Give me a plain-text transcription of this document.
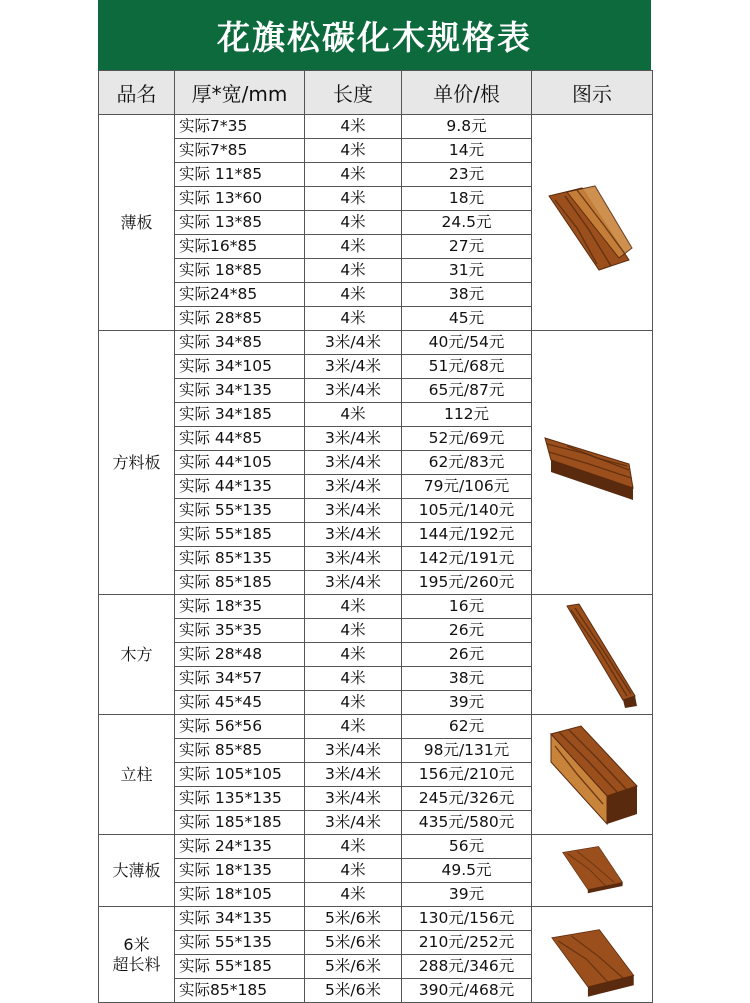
花旗松碳化木规格表
品名	厚*宽/mm	长度	单价/根	图示
薄板	实际7*35	4米	9.8元	

	实际7*85	4米	14元	
	实际 11*85	4米	23元	
	实际 13*60	4米	18元	
	实际 13*85	4米	24.5元	
	实际16*85	4米	27元	
	实际 18*85	4米	31元	
	实际24*85	4米	38元	
	实际 28*85	4米	45元	
方料板	实际 34*85	3米/4米	40元/54元	

	实际 34*105	3米/4米	51元/68元	
	实际 34*135	3米/4米	65元/87元	
	实际 34*185	4米	112元	
	实际 44*85	3米/4米	52元/69元	
	实际 44*105	3米/4米	62元/83元	
	实际 44*135	3米/4米	79元/106元	
	实际 55*135	3米/4米	105元/140元	
	实际 55*185	3米/4米	144元/192元	
	实际 85*135	3米/4米	142元/191元	
	实际 85*185	3米/4米	195元/260元	
木方	实际 18*35	4米	16元	

	实际 35*35	4米	26元	
	实际 28*48	4米	26元	
	实际 34*57	4米	38元	
	实际 45*45	4米	39元	
立柱	实际 56*56	4米	62元	

	实际 85*85	3米/4米	98元/131元	
	实际 105*105	3米/4米	156元/210元	
	实际 135*135	3米/4米	245元/326元	
	实际 185*185	3米/4米	435元/580元	
大薄板	实际 24*135	4米	56元	

	实际 18*135	4米	49.5元	
	实际 18*105	4米	39元	
6米
超长料	实际 34*135	5米/6米	130元/156元	

	实际 55*135	5米/6米	210元/252元	
	实际 55*185	5米/6米	288元/346元	
	实际85*185	5米/6米	390元/468元	
